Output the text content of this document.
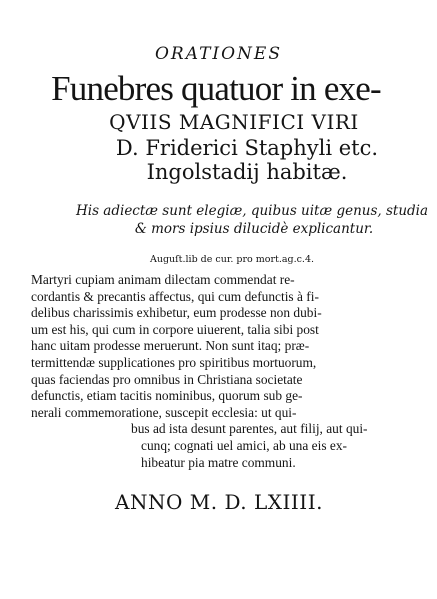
ORATIONES
Funebres quatuor in exe-
QVIIS MAGNIFICI VIRI
D. Friderici Staphyli etc.
Ingolstadij habitæ.
His adiectæ sunt elegiæ, quibus uitæ genus, studia
& mors ipsius dilucidè explicantur.
Auguſt.lib de cur. pro mort.ag.c.4.
Martyri cupiam animam dilectam commendat re-
cordantis & precantis affectus, qui cum defunctis à fi-
delibus charissimis exhibetur, eum prodesse non dubi-
um est his, qui cum in corpore uiuerent, talia sibi post
hanc uitam prodesse meruerunt. Non sunt itaq; præ-
termittendæ supplicationes pro spiritibus mortuorum,
quas faciendas pro omnibus in Christiana societate
defunctis, etiam tacitis nominibus, quorum sub ge-
nerali commemoratione, suscepit ecclesia: ut qui-
bus ad ista desunt parentes, aut filij, aut qui-
cunq; cognati uel amici, ab una eis ex-
hibeatur pia matre communi.
ANNO M. D. LXIIII.
